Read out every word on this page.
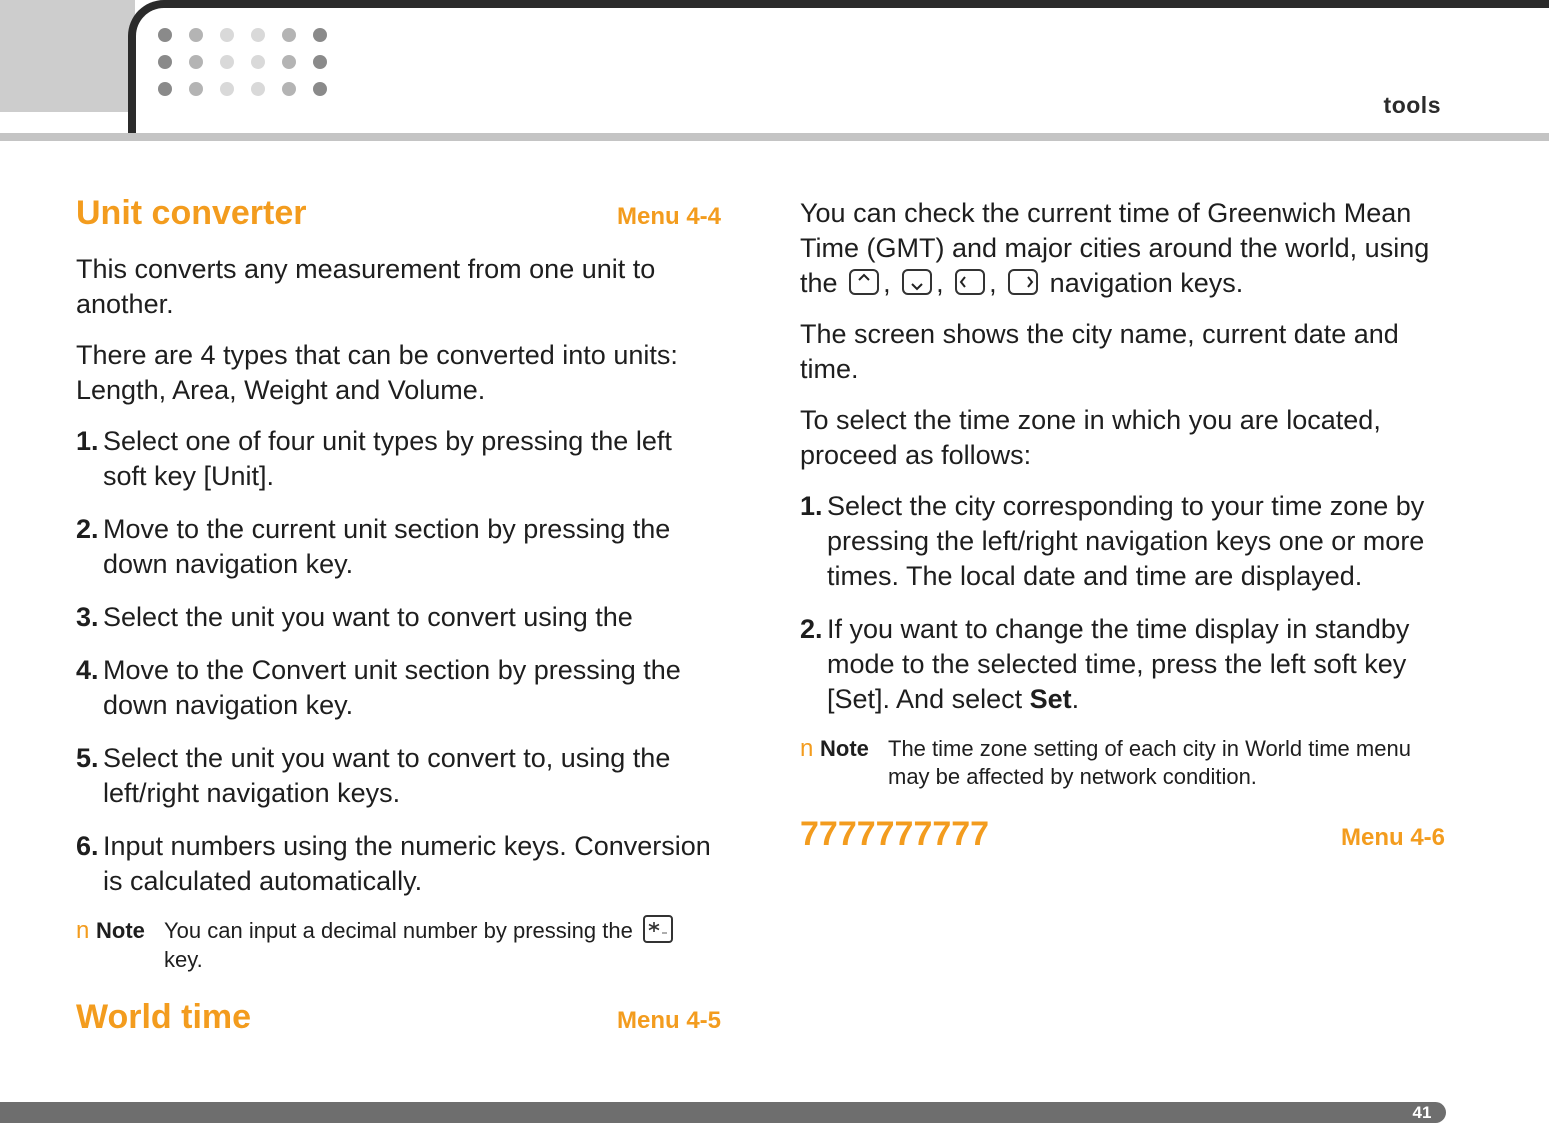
tools
Unit converter	Menu 4-4

This converts any measurement from one unit to another.

There are 4 types that can be converted into units: Length, Area, Weight and Volume.

1. Select one of four unit types by pressing the left soft key [Unit].
2. Move to the current unit section by pressing the down navigation key.
3. Select the unit you want to convert using the
4. Move to the Convert unit section by pressing the down navigation key.
5. Select the unit you want to convert to, using the left/right navigation keys.
6. Input numbers using the numeric keys. Conversion is calculated automatically.
n Note You can input a decimal number by pressing the

key.
World time	Menu 4-5

You can check the current time of Greenwich Mean Time (GMT) and major cities around the world, using the , , , navigation keys.

The screen shows the city name, current date and time.

To select the time zone in which you are located, proceed as follows:

1. Select the city corresponding to your time zone by pressing the left/right navigation keys one or more times. The local date and time are displayed.
2. If you want to change the time display in standby mode to the selected time, press the left soft key [Set]. And select Set.
n Note The time zone setting of each city in World time menu may be affected by network condition.
7777777777	Menu 4-6
41
